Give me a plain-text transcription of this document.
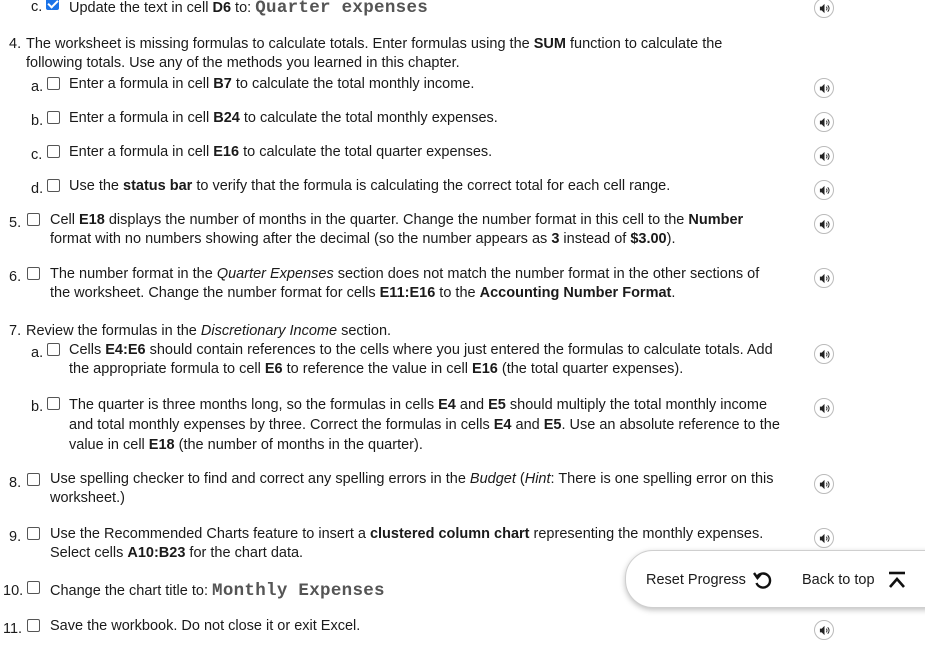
c. Update the text in cell D6 to: Quarter expenses
4. The worksheet is missing formulas to calculate totals. Enter formulas using the SUM function to calculate the
following totals. Use any of the methods you learned in this chapter.
a. Enter a formula in cell B7 to calculate the total monthly income.
b. Enter a formula in cell B24 to calculate the total monthly expenses.
c. Enter a formula in cell E16 to calculate the total quarter expenses.
d. Use the status bar to verify that the formula is calculating the correct total for each cell range.
5. Cell E18 displays the number of months in the quarter. Change the number format in this cell to the Number
format with no numbers showing after the decimal (so the number appears as 3 instead of $3.00).
6. The number format in the Quarter Expenses section does not match the number format in the other sections of
the worksheet. Change the number format for cells E11:E16 to the Accounting Number Format.
7. Review the formulas in the Discretionary Income section.
a. Cells E4:E6 should contain references to the cells where you just entered the formulas to calculate totals. Add
the appropriate formula to cell E6 to reference the value in cell E16 (the total quarter expenses).
b. The quarter is three months long, so the formulas in cells E4 and E5 should multiply the total monthly income
and total monthly expenses by three. Correct the formulas in cells E4 and E5. Use an absolute reference to the
value in cell E18 (the number of months in the quarter).
8. Use spelling checker to find and correct any spelling errors in the Budget (Hint: There is one spelling error on this
worksheet.)
9. Use the Recommended Charts feature to insert a clustered column chart representing the monthly expenses.
Select cells A10:B23 for the chart data.
10. Change the chart title to: Monthly Expenses
11. Save the workbook. Do not close it or exit Excel.
Reset Progress	Back to top
